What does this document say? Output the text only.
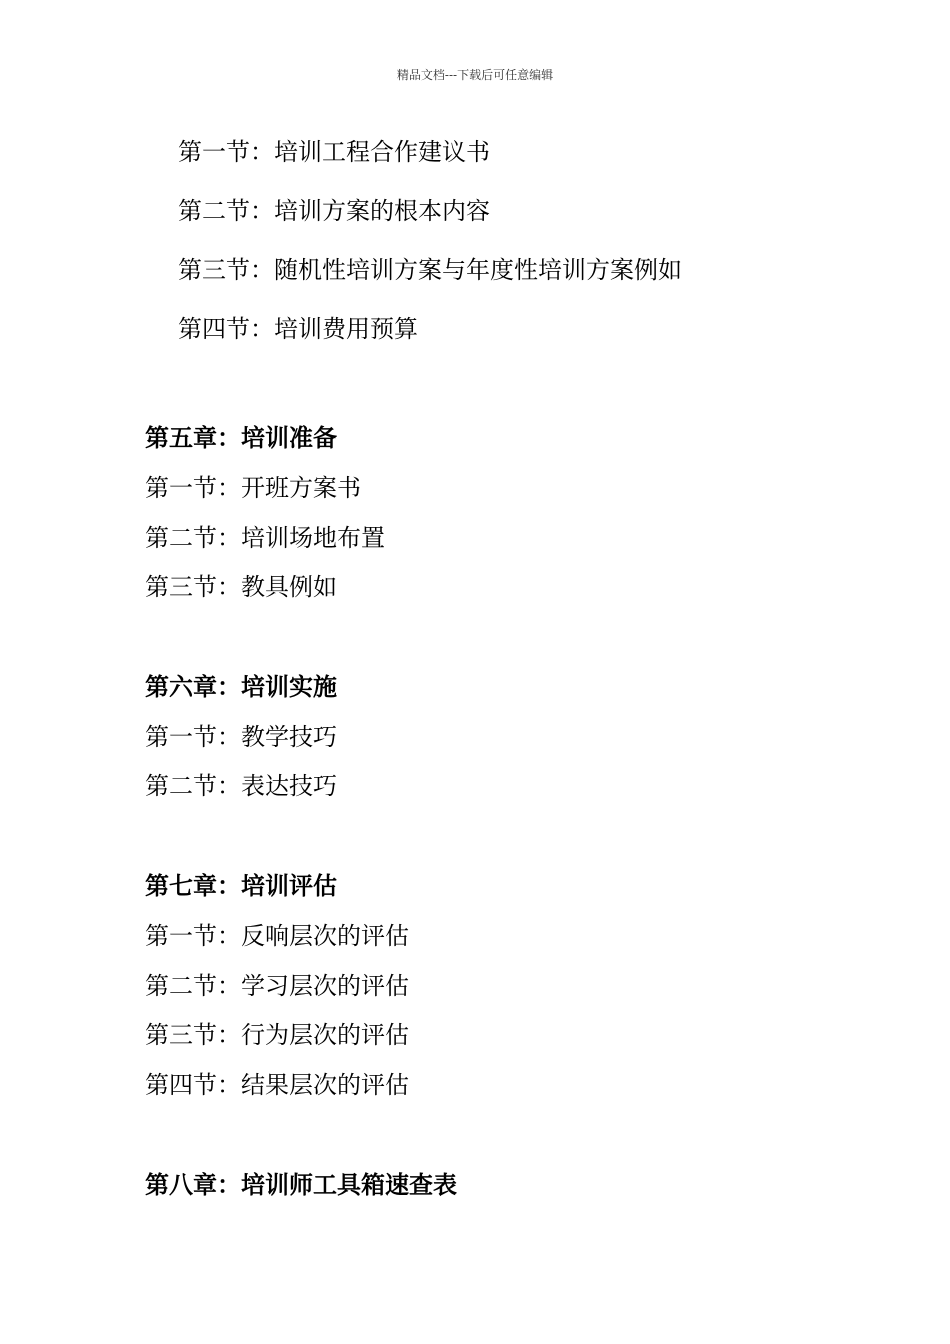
精品文档---下载后可任意编辑
第一节：培训工程合作建议书
第二节：培训方案的根本内容
第三节：随机性培训方案与年度性培训方案例如
第四节：培训费用预算
第五章：培训准备
第一节：开班方案书
第二节：培训场地布置
第三节：教具例如
第六章：培训实施
第一节：教学技巧
第二节：表达技巧
第七章：培训评估
第一节：反响层次的评估
第二节：学习层次的评估
第三节：行为层次的评估
第四节：结果层次的评估
第八章：培训师工具箱速查表
